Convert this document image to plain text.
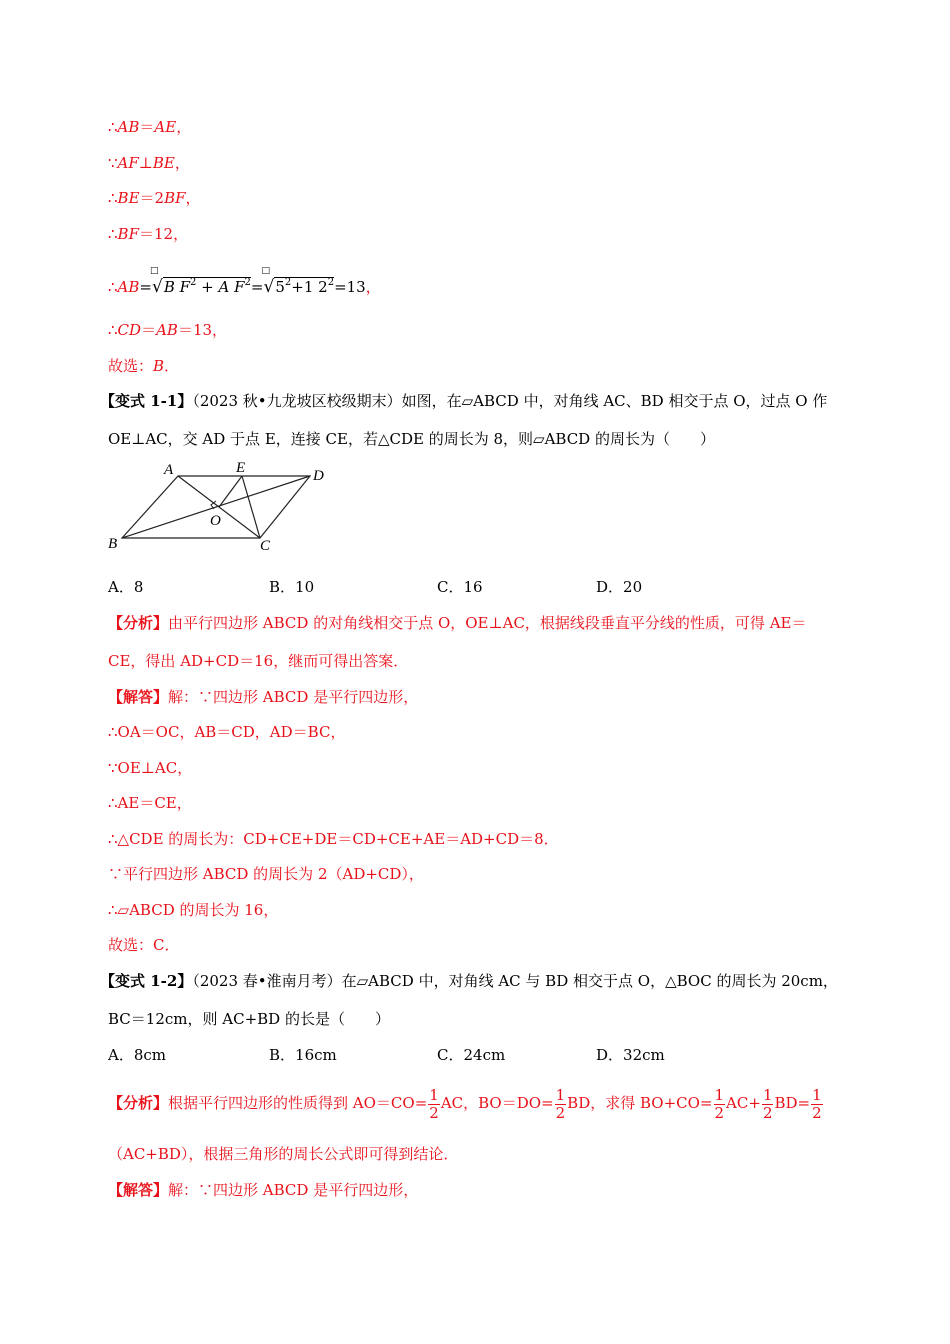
∴AB＝AE，
∵AF⊥BE，
∴BE＝2BF，
∴BF＝12，
∴AB=
□
√B $F^2 + A$ $F^2=$
□
$√5^2+1$ $2^2=13$，
∴CD＝AB＝13，
故选：B．
【变式 1-1】（2023 秋•九龙坡区校级期末）如图，在▱ABCD 中，对角线 AC、BD 相交于点 O，过点 O 作
OE⊥AC，交 AD 于点 E，连接 CE，若△CDE 的周长为 8，则▱ABCD 的周长为（　　）
A	E	D
O
B	C
A．8	B．10	C．16	D．20
【分析】由平行四边形 ABCD 的对角线相交于点 O，OE⊥AC，根据线段垂直平分线的性质，可得 AE＝
CE，得出 AD+CD＝16，继而可得出答案．
【解答】解：∵四边形 ABCD 是平行四边形，
∴OA＝OC，AB＝CD，AD＝BC，
∵OE⊥AC，
∴AE＝CE，
∴△CDE 的周长为：CD+CE+DE＝CD+CE+AE＝AD+CD＝8．
∵平行四边形 ABCD 的周长为 2（AD+CD），
∴▱ABCD 的周长为 16，
故选：C．
【变式 1-2】（2023 春•淮南月考）在▱ABCD 中，对角线 AC 与 BD 相交于点 O，△BOC 的周长为 20cm，
BC＝12cm，则 AC+BD 的长是（　　）
A．8cm	B．16cm	C．24cm	D．32cm
【分析】根据平行四边形的性质得到 $AO=CO= \frac{1}{2}$ AC，$BO=DO= \frac{1}{2}$ BD，求得 $BO+CO= \frac{1}{2} AC+ \frac{1}{2} BD= \frac{1}{2}$
（AC+BD），根据三角形的周长公式即可得到结论．
【解答】解：∵四边形 ABCD 是平行四边形，
